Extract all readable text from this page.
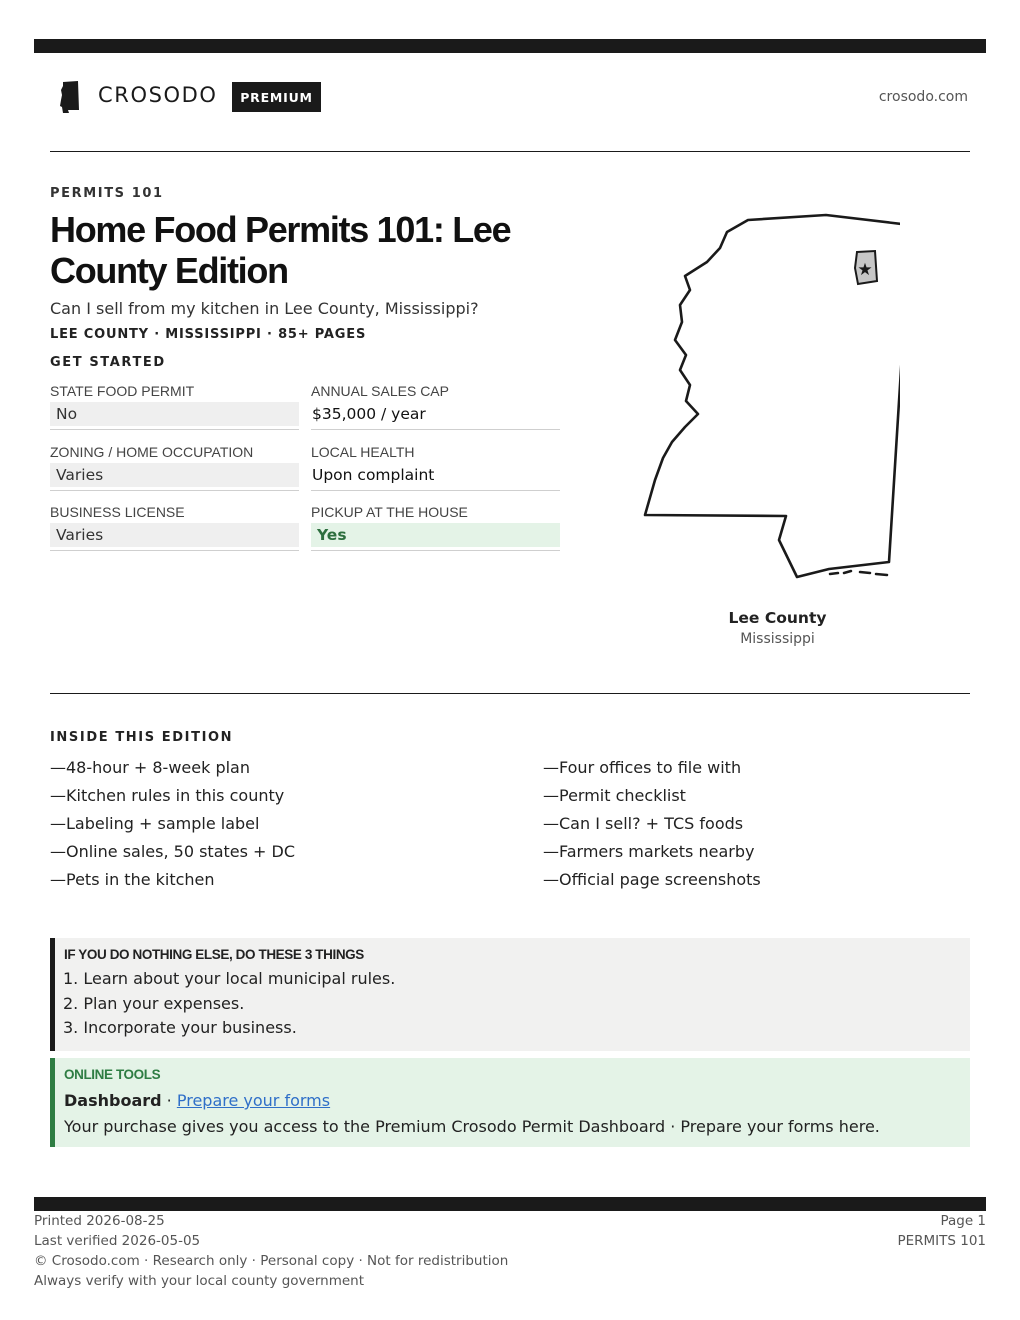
CROSODO	PREMIUM	crosodo.com
PERMITS 101
Home Food Permits 101: Lee County Edition
Can I sell from my kitchen in Lee County, Mississippi?
LEE COUNTY · MISSISSIPPI · 85+ PAGES
GET STARTED
STATE FOOD PERMIT
No
ANNUAL SALES CAP
$35,000 / year
ZONING / HOME OCCUPATION
Varies
LOCAL HEALTH
Upon complaint
BUSINESS LICENSE
Varies
PICKUP AT THE HOUSE
Yes
★
Lee County
Mississippi
INSIDE THIS EDITION
—48-hour + 8-week plan
—Kitchen rules in this county
—Labeling + sample label
—Online sales, 50 states + DC
—Pets in the kitchen
—Four offices to file with
—Permit checklist
—Can I sell? + TCS foods
—Farmers markets nearby
—Official page screenshots
IF YOU DO NOTHING ELSE, DO THESE 3 THINGS
1. Learn about your local municipal rules.
2. Plan your expenses.
3. Incorporate your business.
ONLINE TOOLS
Dashboard · Prepare your forms
Your purchase gives you access to the Premium Crosodo Permit Dashboard · Prepare your forms here.
Printed 2026-08-25
Last verified 2026-05-05
© Crosodo.com · Research only · Personal copy · Not for redistribution
Always verify with your local county government
Page 1
PERMITS 101
